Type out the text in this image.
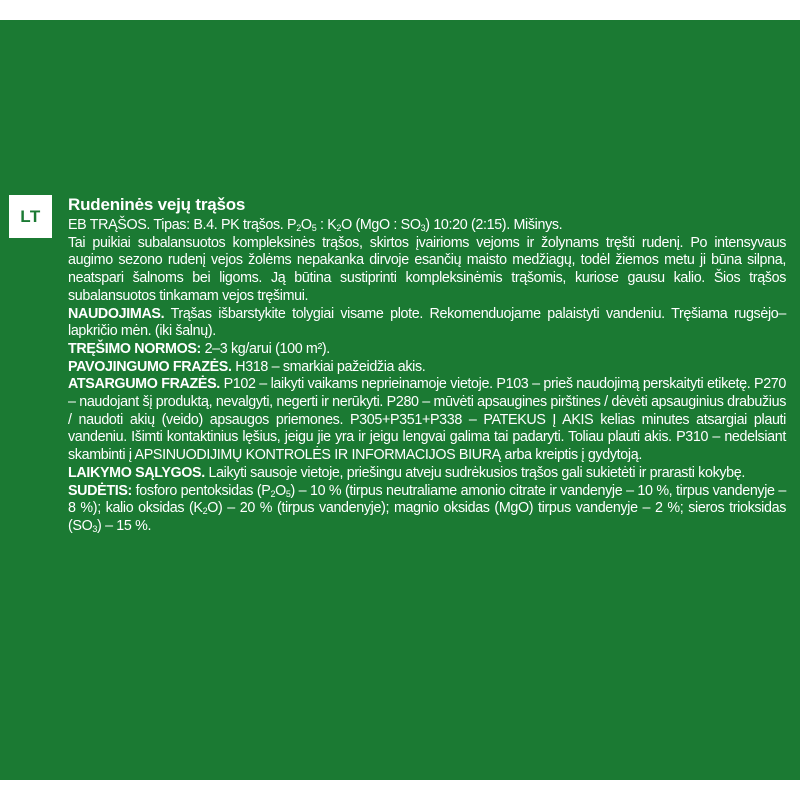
LT
Rudeninės vejų trąšos

EB TRĄŠOS. Tipas: B.4. PK trąšos. $P_2O_5$ : $K_2O$ (MgO : $SO_3$) 10:20 (2:15). Mišinys.

Tai puikiai subalansuotos kompleksinės trąšos, skirtos įvairioms vejoms ir žolynams tręšti rudenį. Po intensyvaus augimo sezono rudenį vejos žolėms nepakanka dirvoje esančių maisto medžiagų, todėl žiemos metu ji būna silpna, neatspari šalnoms bei ligoms. Ją būtina sustiprinti kompleksinėmis trąšomis, kuriose gausu kalio. Šios trąšos subalansuotos tinkamam vejos tręšimui.

NAUDOJIMAS. Trąšas išbarstykite tolygiai visame plote. Rekomenduojame palaistyti vandeniu. Tręšiama rugsėjo–lapkričio mėn. (iki šalnų).

TRĘŠIMO NORMOS: 2–3 kg/arui (100 m²).

PAVOJINGUMO FRAZĖS. H318 – smarkiai pažeidžia akis.

ATSARGUMO FRAZĖS. P102 – laikyti vaikams neprieinamoje vietoje. P103 – prieš naudojimą perskaityti etiketę. P270 – naudojant šį produktą, nevalgyti, negerti ir nerūkyti. P280 – mūvėti apsaugines pirštines / dėvėti apsauginius drabužius / naudoti akių (veido) apsaugos priemones. P305+P351+P338 – PATEKUS Į AKIS kelias minutes atsargiai plauti vandeniu. Išimti kontaktinius lęšius, jeigu jie yra ir jeigu lengvai galima tai padaryti. Toliau plauti akis. P310 – nedelsiant skambinti į APSINUODIJIMŲ KONTROLĖS IR INFORMACIJOS BIURĄ arba kreiptis į gydytoją.

LAIKYMO SĄLYGOS. Laikyti sausoje vietoje, priešingu atveju sudrėkusios trąšos gali sukietėti ir prarasti kokybę.

SUDĖTIS: fosforo pentoksidas $(P_2O_5) - 10$ % (tirpus neutraliame amonio citrate ir vandenyje – 10 %, tirpus vandenyje – 8 %); kalio oksidas $(K_2O) - 20$ % (tirpus vandenyje); magnio oksidas (MgO) tirpus vandenyje – 2 %; sieros trioksidas $(SO_3) - 15$ %.
